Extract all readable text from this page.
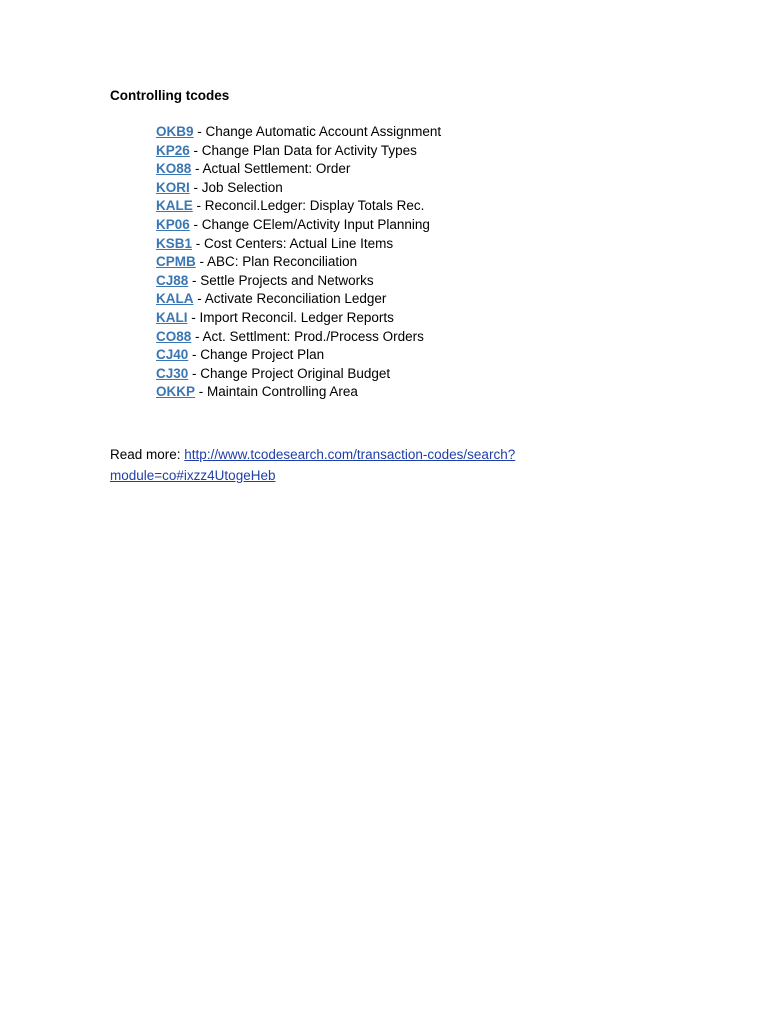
Controlling tcodes
OKB9 - Change Automatic Account Assignment
KP26 - Change Plan Data for Activity Types
KO88 - Actual Settlement: Order
KORI - Job Selection
KALE - Reconcil.Ledger: Display Totals Rec.
KP06 - Change CElem/Activity Input Planning
KSB1 - Cost Centers: Actual Line Items
CPMB - ABC: Plan Reconciliation
CJ88 - Settle Projects and Networks
KALA - Activate Reconciliation Ledger
KALI - Import Reconcil. Ledger Reports
CO88 - Act. Settlment: Prod./Process Orders
CJ40 - Change Project Plan
CJ30 - Change Project Original Budget
OKKP - Maintain Controlling Area
Read more: http://www.tcodesearch.com/transaction-codes/search?
module=co#ixzz4UtogeHeb
